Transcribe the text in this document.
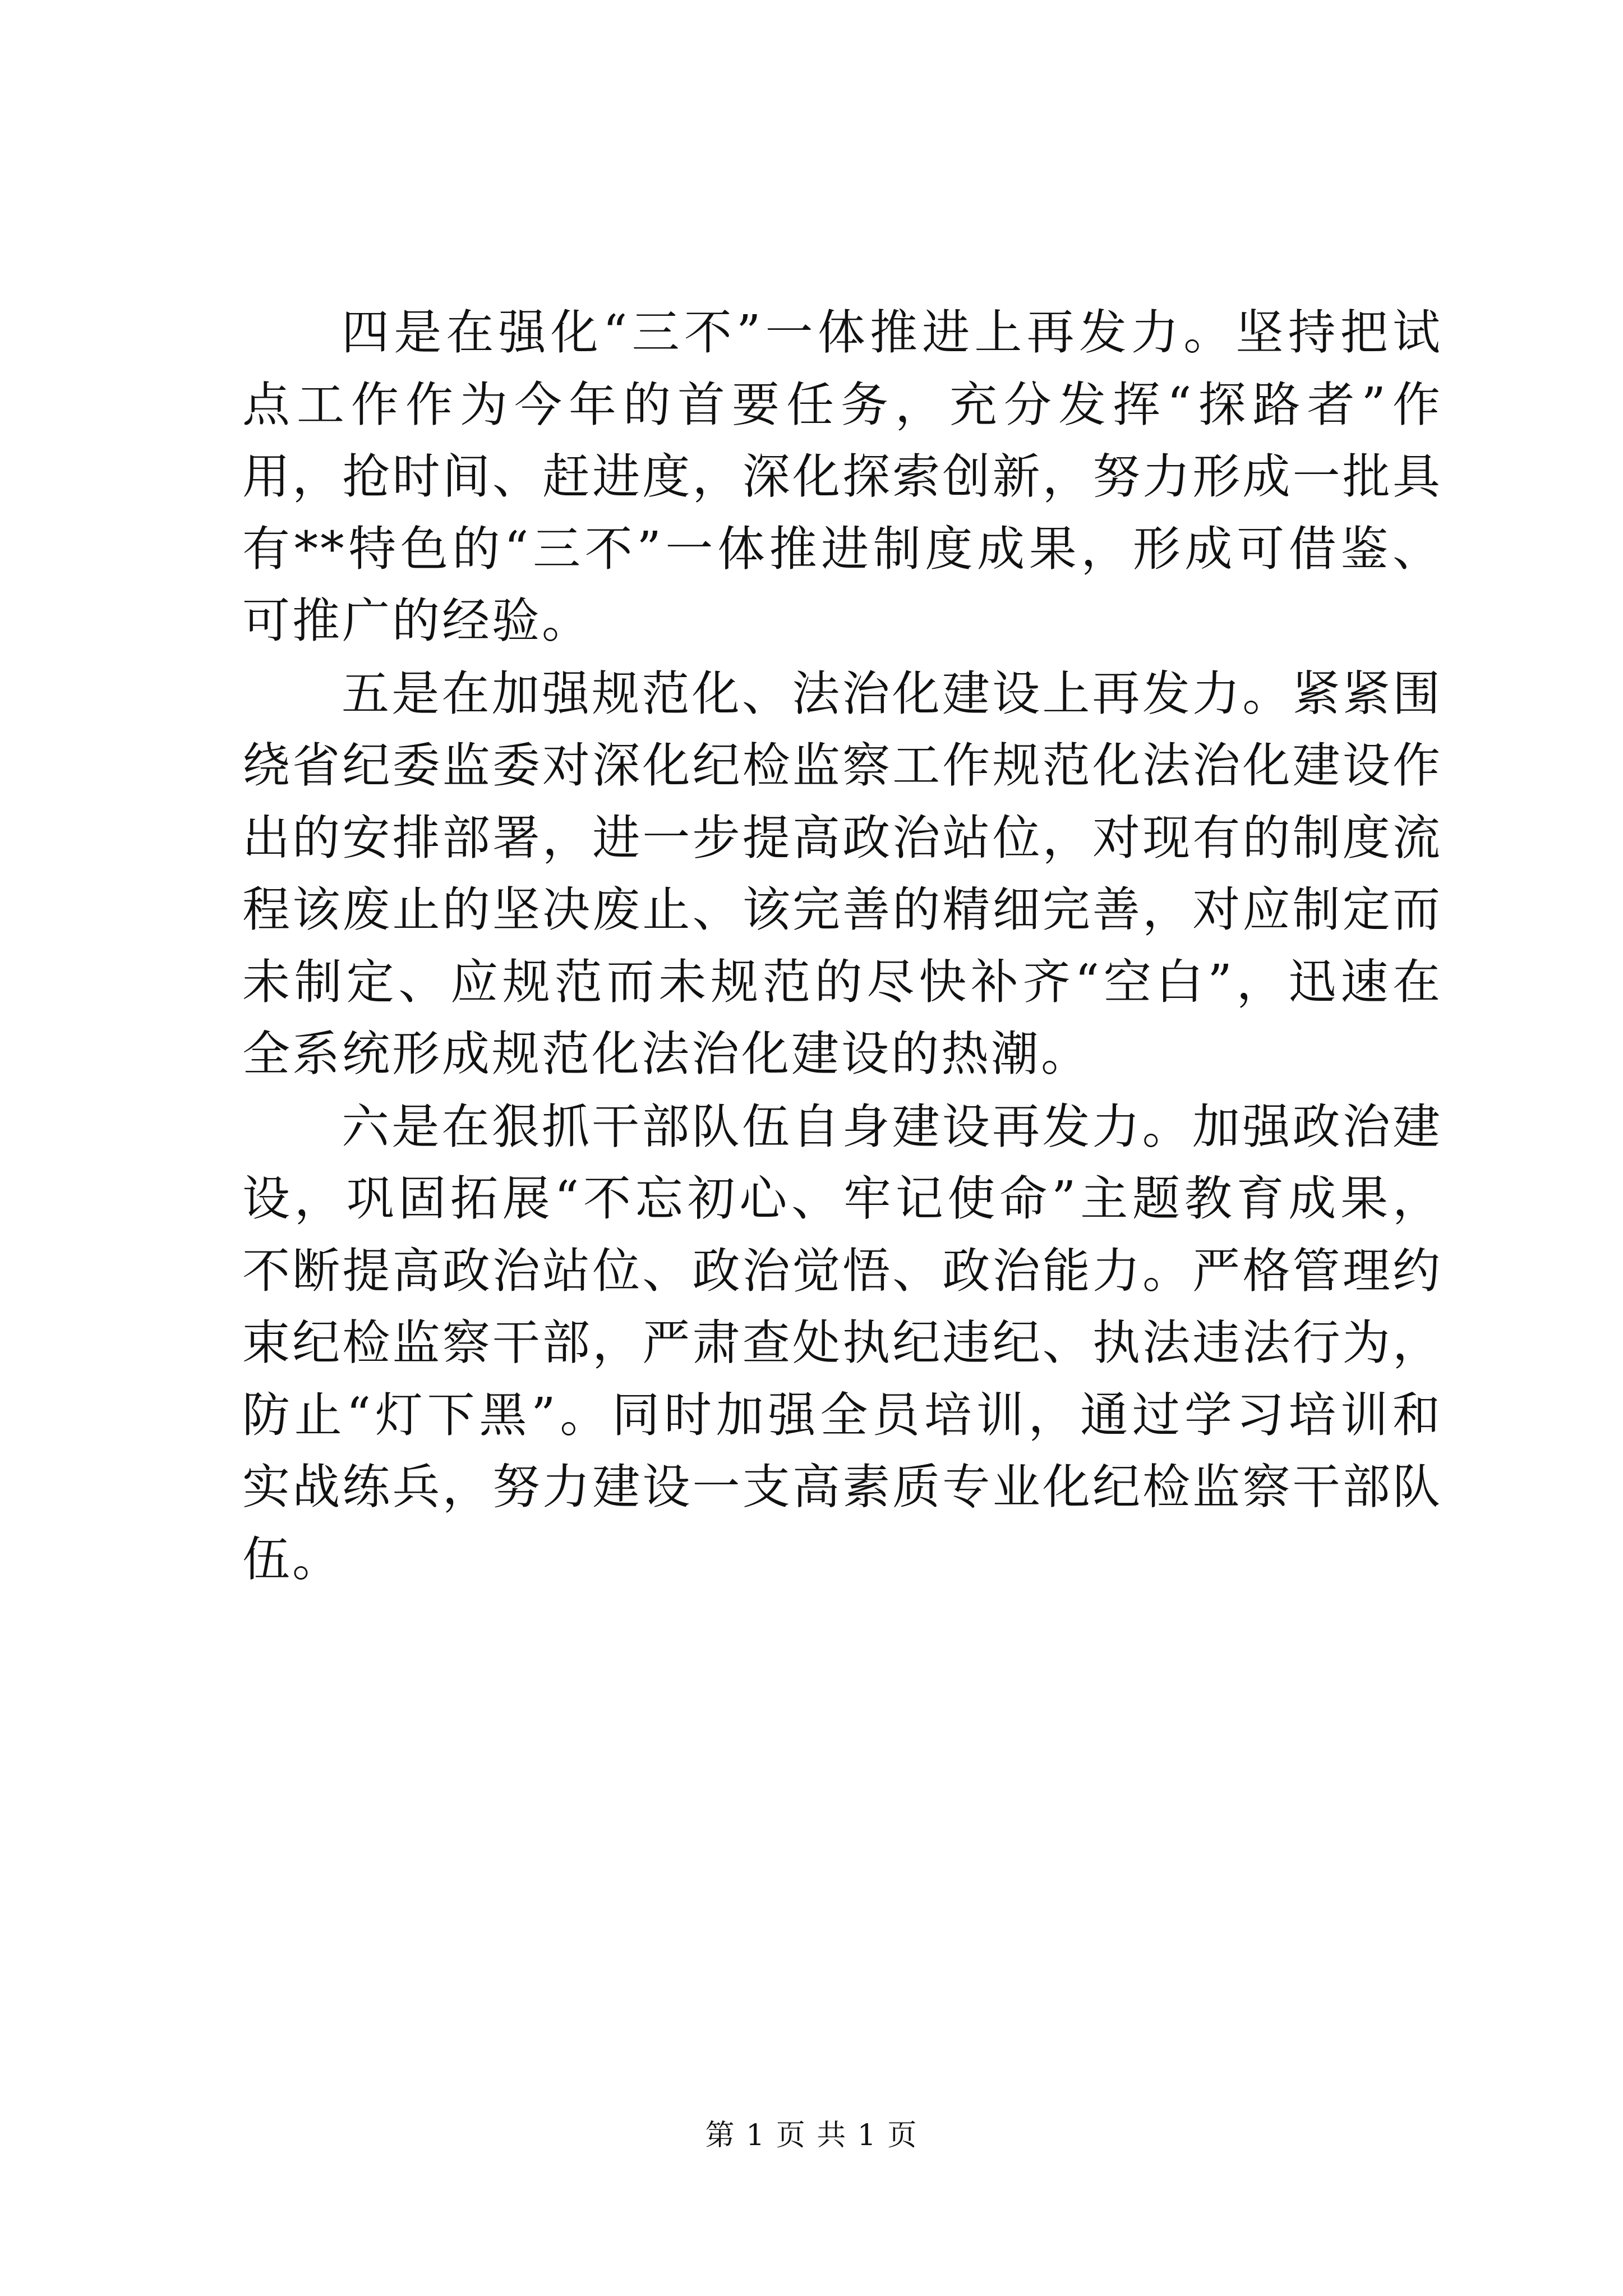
四是在强化“三不”一体推进上再发力。坚持把试点工作作为今年的首要任务，充分发挥“探路者”作用，抢时间、赶进度，深化探索创新，努力形成一批具有**特色的“三不”一体推进制度成果，形成可借鉴、可推广的经验。

五是在加强规范化、法治化建设上再发力。紧紧围绕省纪委监委对深化纪检监察工作规范化法治化建设作出的安排部署，进一步提高政治站位，对现有的制度流程该废止的坚决废止、该完善的精细完善，对应制定而未制定、应规范而未规范的尽快补齐“空白”，迅速在全系统形成规范化法治化建设的热潮。

六是在狠抓干部队伍自身建设再发力。加强政治建设，巩固拓展“不忘初心、牢记使命”主题教育成果，不断提高政治站位、政治觉悟、政治能力。严格管理约束纪检监察干部，严肃查处执纪违纪、执法违法行为，防止“灯下黑”。同时加强全员培训，通过学习培训和实战练兵，努力建设一支高素质专业化纪检监察干部队伍。

第 1 页 共 1 页
